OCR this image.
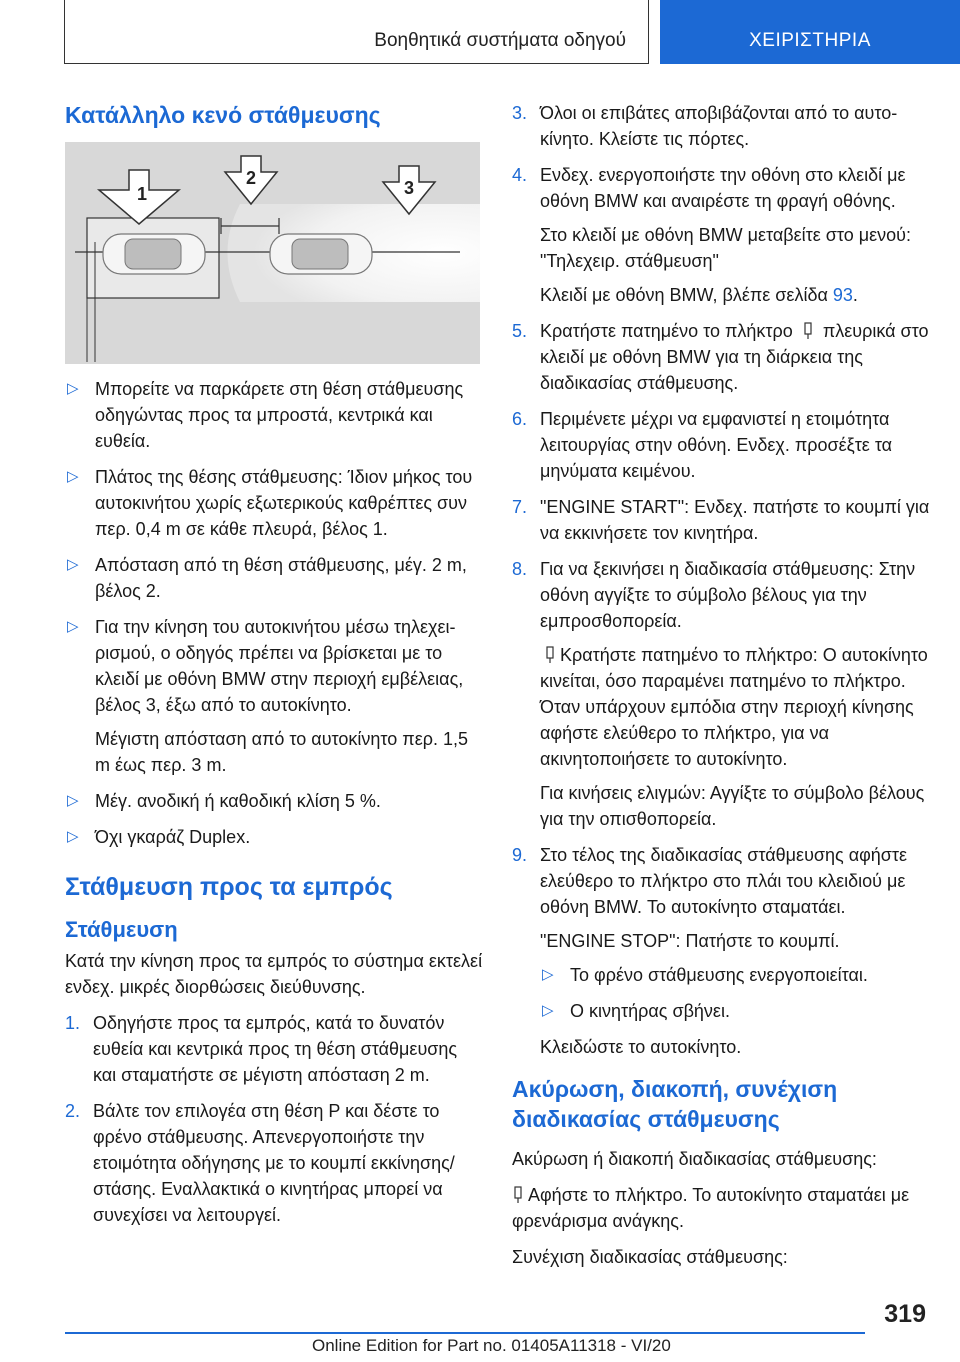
Βοηθητικά συστήματα οδηγού	ΧΕΙΡΙΣΤΗΡΙΑ
Κατάλληλο κενό στάθμευσης
1
2	3
▷ Μπορείτε να παρκάρετε στη θέση στάθμευσης οδηγώντας προς τα μπροστά, κεντρικά και ευθεία.
▷ Πλάτος της θέσης στάθμευσης: Ίδιον μήκος του αυτοκινήτου χωρίς εξωτερικούς καθρέπτες συν περ. 0,4 m σε κάθε πλευρά, βέλος 1.
▷ Απόσταση από τη θέση στάθμευσης, μέγ. 2 m, βέλος 2.
▷ Για την κίνηση του αυτοκινήτου μέσω τηλεχειρισμού, ο οδηγός πρέπει να βρίσκεται με το κλειδί με οθόνη BMW στην περιοχή εμβέλειας, βέλος 3, έξω από το αυτοκίνητο.
Μέγιστη απόσταση από το αυτοκίνητο περ. 1,5 m έως περ. 3 m.
▷ Μέγ. ανοδική ή καθοδική κλίση 5 %.
▷ Όχι γκαράζ Duplex.
Στάθμευση προς τα εμπρός
Στάθμευση

Κατά την κίνηση προς τα εμπρός το σύστημα εκτελεί ενδεχ. μικρές διορθώσεις διεύθυνσης.

1. Οδηγήστε προς τα εμπρός, κατά το δυνατόν ευθεία και κεντρικά προς τη θέση στάθμευσης και σταματήστε σε μέγιστη απόσταση 2 m.
2. Βάλτε τον επιλογέα στη θέση P και δέστε το φρένο στάθμευσης. Απενεργοποιήστε την ετοιμότητα οδήγησης με το κουμπί εκκίνησης/στάσης. Εναλλακτικά ο κινητήρας μπορεί να συνεχίσει να λειτουργεί.
3. Όλοι οι επιβάτες αποβιβάζονται από το αυτοκίνητο. Κλείστε τις πόρτες.
4. Ενδεχ. ενεργοποιήστε την οθόνη στο κλειδί με οθόνη BMW και αναιρέστε τη φραγή οθόνης.
Στο κλειδί με οθόνη BMW μεταβείτε στο μενού: "Τηλεχειρ. στάθμευση"
Κλειδί με οθόνη BMW, βλέπε σελίδα 93.
5. Κρατήστε πατημένο το πλήκτρο πλευρικά στο κλειδί με οθόνη BMW για τη διάρκεια της διαδικασίας στάθμευσης.
6. Περιμένετε μέχρι να εμφανιστεί η ετοιμότητα λειτουργίας στην οθόνη. Ενδεχ. προσέξτε τα μηνύματα κειμένου.
7. "ENGINE START": Ενδεχ. πατήστε το κουμπί για να εκκινήσετε τον κινητήρα.
8. Για να ξεκινήσει η διαδικασία στάθμευσης: Στην οθόνη αγγίξτε το σύμβολο βέλους για την εμπροσθοπορεία.
Κρατήστε πατημένο το πλήκτρο: Ο αυτοκίνητο κινείται, όσο παραμένει πατημένο το πλήκτρο. Όταν υπάρχουν εμπόδια στην περιοχή κίνησης αφήστε ελεύθερο το πλήκτρο, για να ακινητοποιήσετε το αυτοκίνητο.
Για κινήσεις ελιγμών: Αγγίξτε το σύμβολο βέλους για την οπισθοπορεία.
9. Στο τέλος της διαδικασίας στάθμευσης αφήστε ελεύθερο το πλήκτρο στο πλάι του κλειδιού με οθόνη BMW. Το αυτοκίνητο σταματάει.
"ENGINE STOP": Πατήστε το κουμπί.
▷ Το φρένο στάθμευσης ενεργοποιείται.
▷ Ο κινητήρας σβήνει.
Κλειδώστε το αυτοκίνητο.
Ακύρωση, διακοπή, συνέχιση διαδικασίας στάθμευσης

Ακύρωση ή διακοπή διαδικασίας στάθμευσης:

Αφήστε το πλήκτρο. Το αυτοκίνητο σταματάει με φρενάρισμα ανάγκης.

Συνέχιση διαδικασίας στάθμευσης:

319
Online Edition for Part no. 01405A11318 - VI/20
